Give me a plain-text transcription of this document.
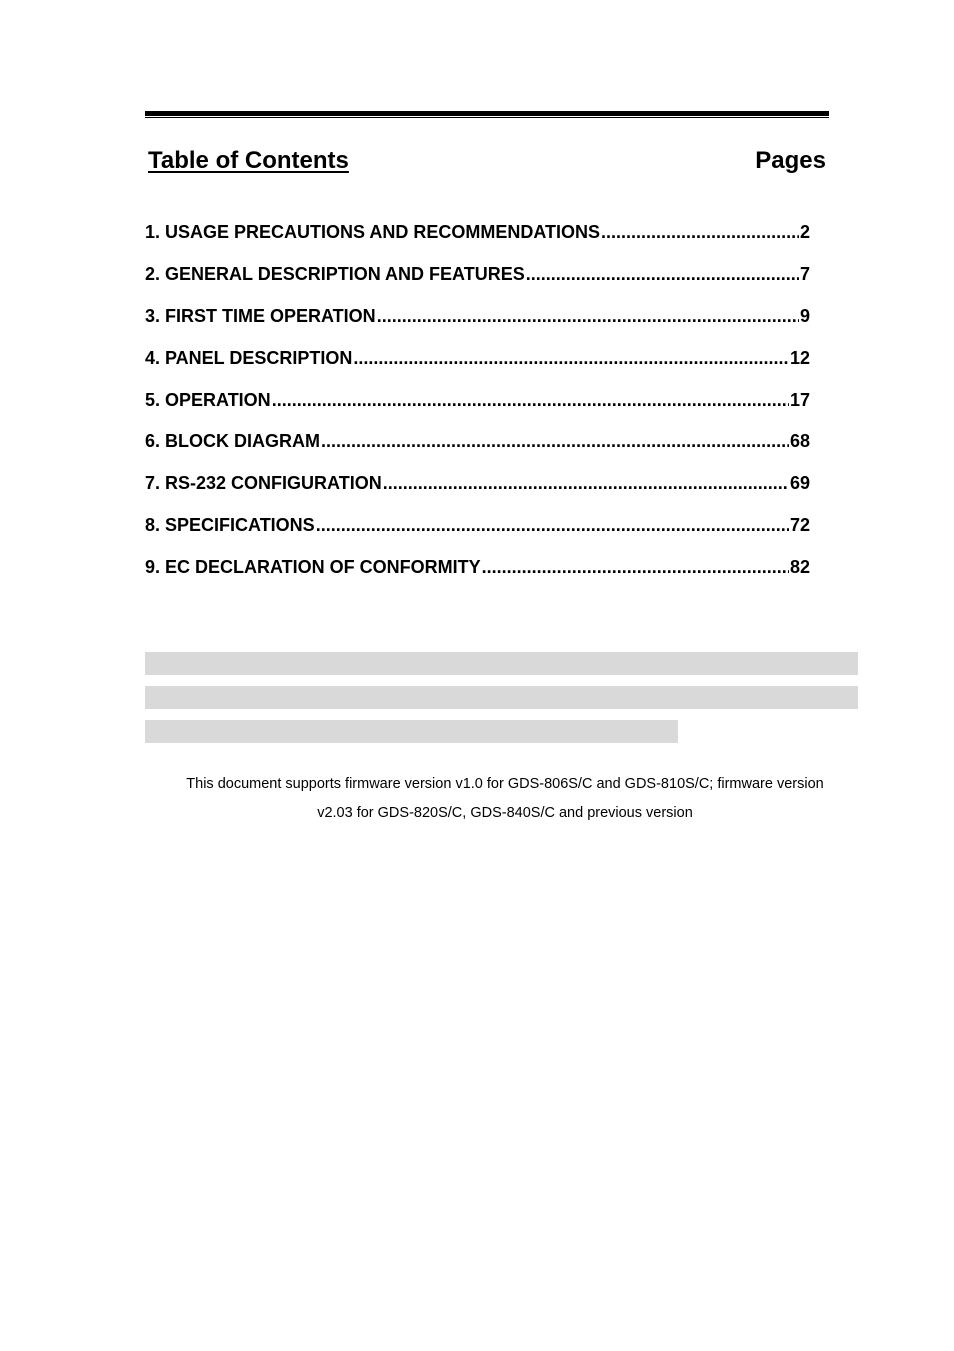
Table of Contents	Pages
1. USAGE PRECAUTIONS AND RECOMMENDATIONS .....	2
2. GENERAL DESCRIPTION AND FEATURES .....	7
3. FIRST TIME OPERATION .....	9
4. PANEL DESCRIPTION .....	12
5. OPERATION .....	17
6. BLOCK DIAGRAM .....	68
7. RS-232 CONFIGURATION .....	69
8. SPECIFICATIONS .....	72
9. EC DECLARATION OF CONFORMITY .....	82
This document supports firmware version v1.0 for GDS-806S/C and GDS-810S/C; firmware version
v2.03 for GDS-820S/C, GDS-840S/C and previous version
